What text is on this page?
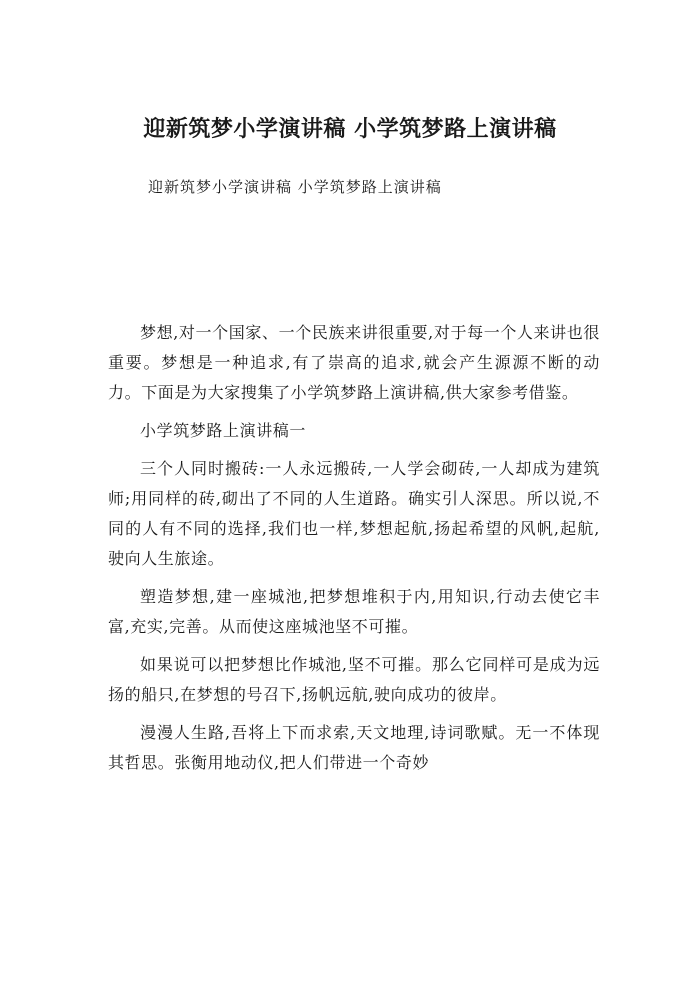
迎新筑梦小学演讲稿 小学筑梦路上演讲稿

迎新筑梦小学演讲稿 小学筑梦路上演讲稿

梦想,对一个国家、一个民族来讲很重要,对于每一个人来讲也很重要。梦想是一种追求,有了崇高的追求,就会产生源源不断的动力。下面是为大家搜集了小学筑梦路上演讲稿,供大家参考借鉴。

小学筑梦路上演讲稿一

三个人同时搬砖:一人永远搬砖,一人学会砌砖,一人却成为建筑师;用同样的砖,砌出了不同的人生道路。确实引人深思。所以说,不同的人有不同的选择,我们也一样,梦想起航,扬起希望的风帆,起航,驶向人生旅途。

塑造梦想,建一座城池,把梦想堆积于内,用知识,行动去使它丰富,充实,完善。从而使这座城池坚不可摧。

如果说可以把梦想比作城池,坚不可摧。那么它同样可是成为远扬的船只,在梦想的号召下,扬帆远航,驶向成功的彼岸。

漫漫人生路,吾将上下而求索,天文地理,诗词歌赋。无一不体现其哲思。张衡用地动仪,把人们带进一个奇妙
